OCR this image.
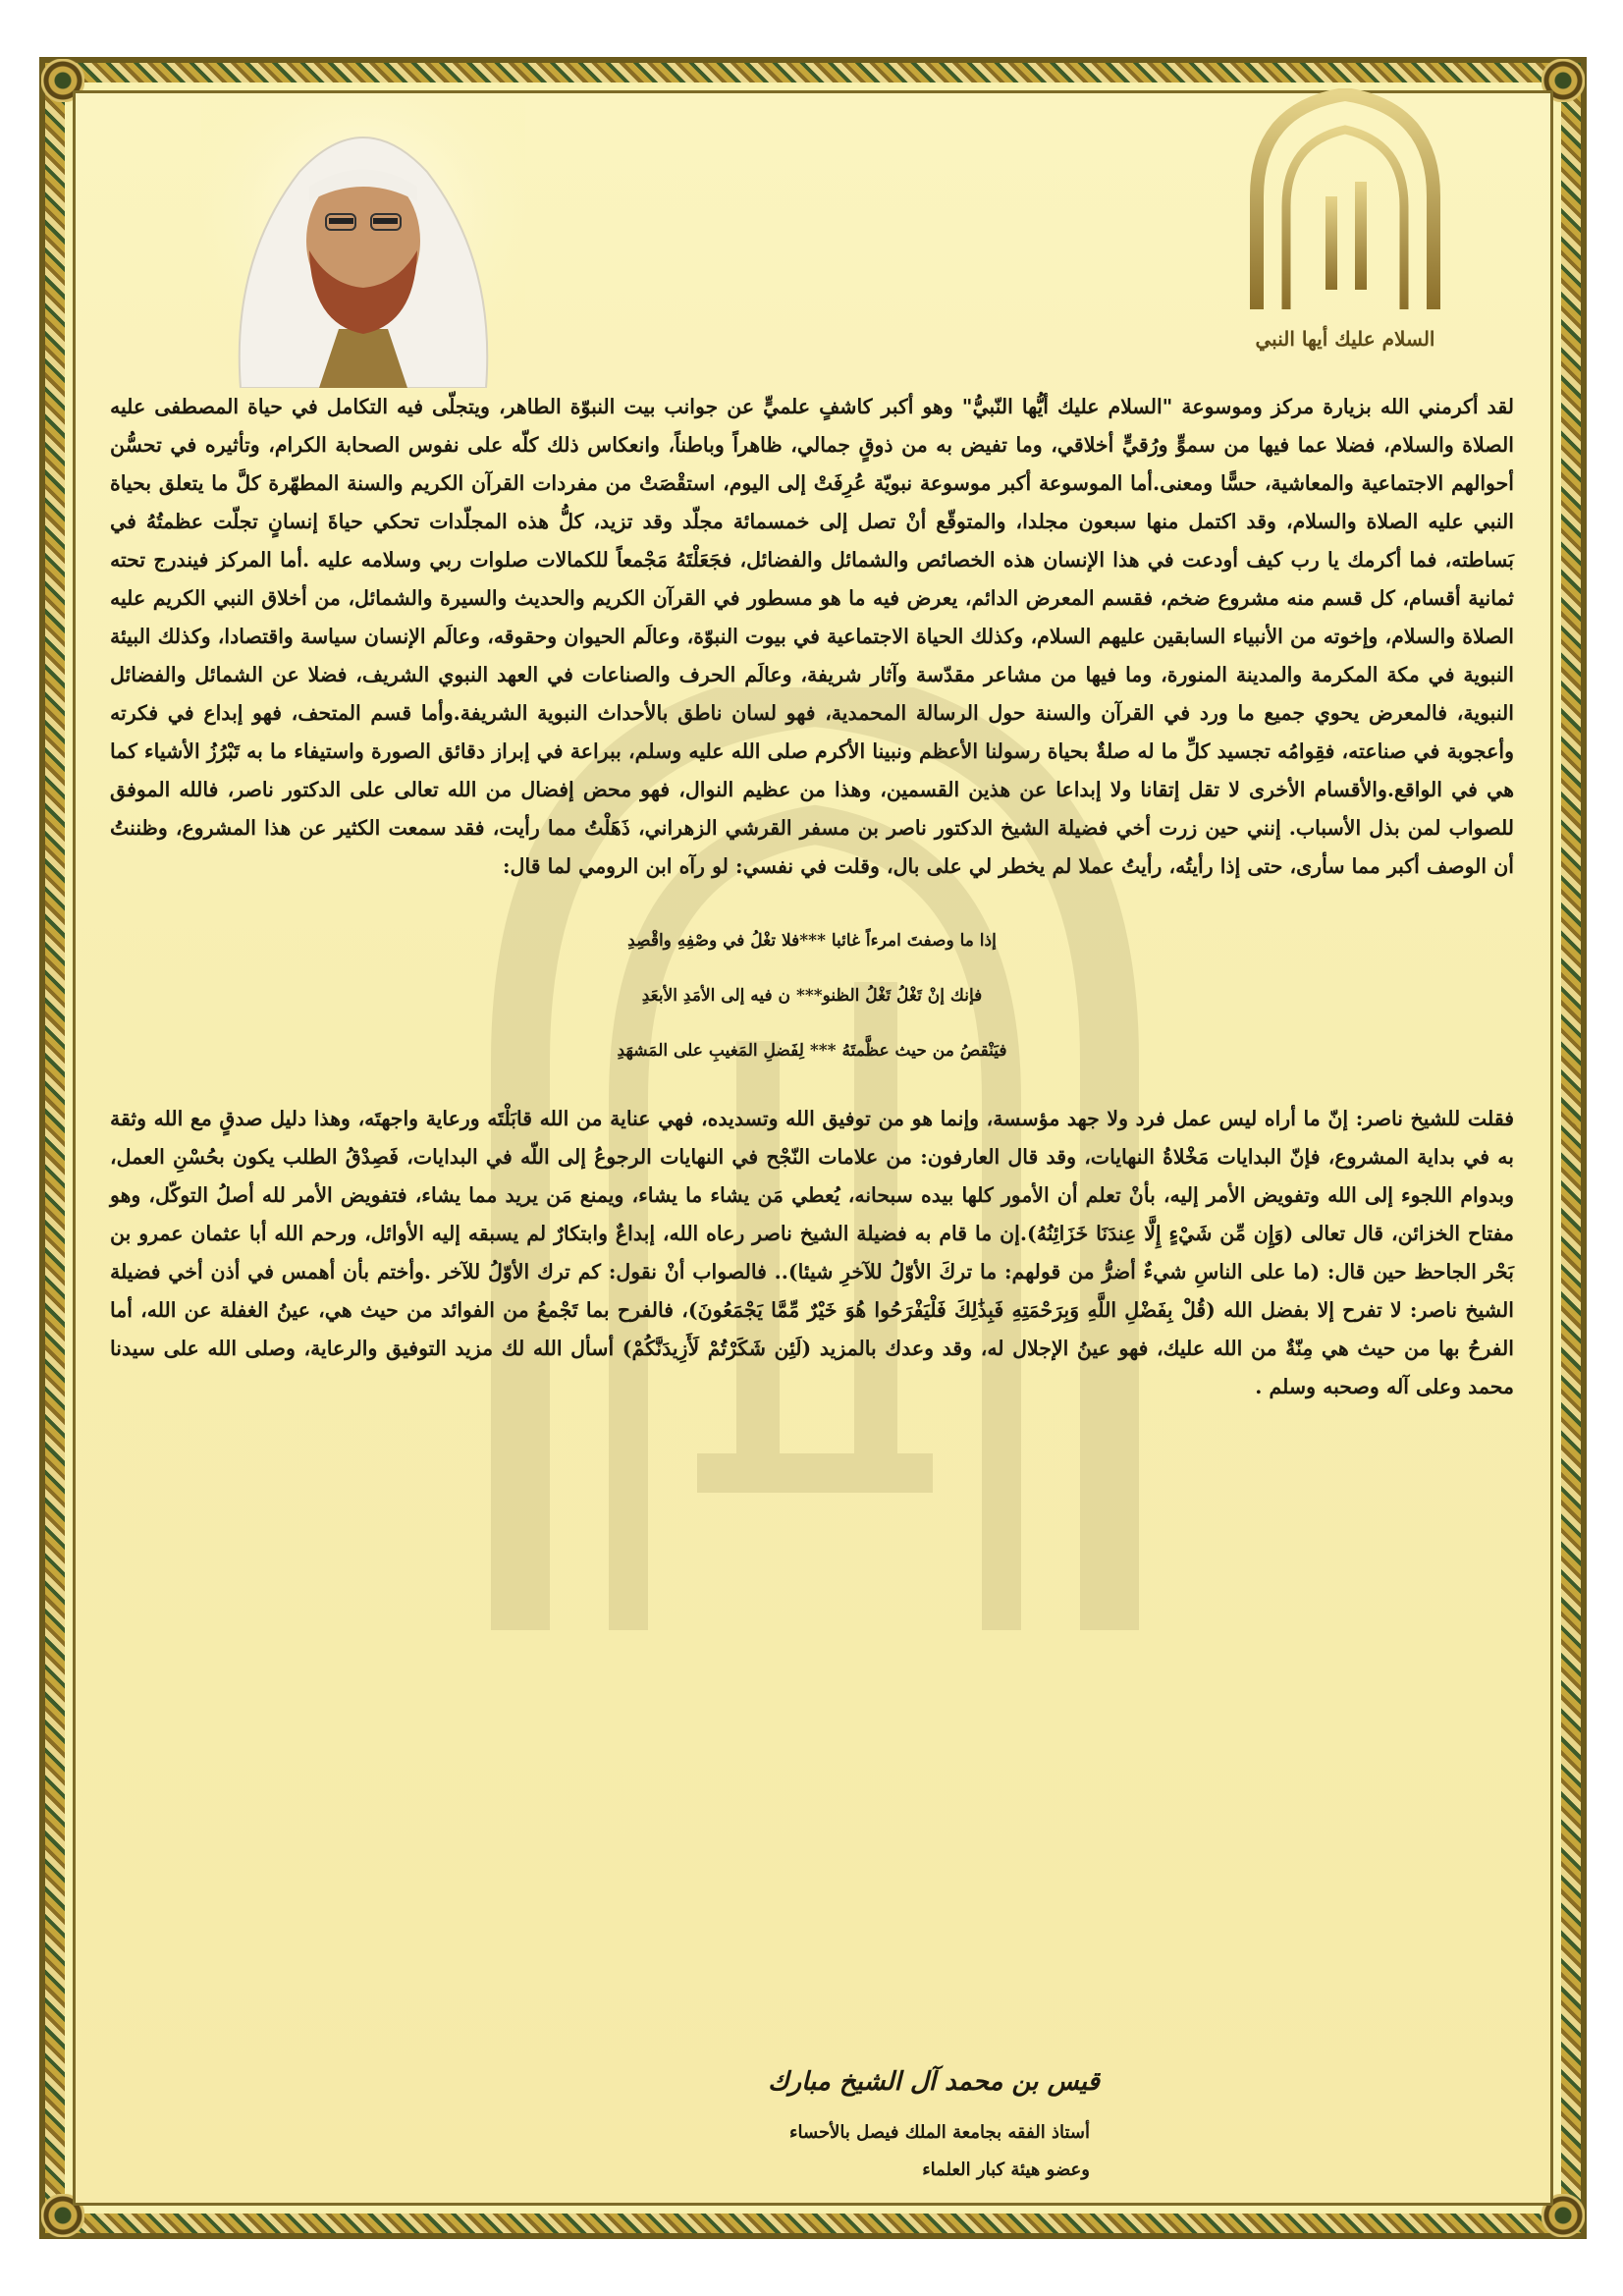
السلام عليك أيها النبي

لقد أكرمني الله بزيارة مركز وموسوعة "السلام عليك أيُّها النّبيُّ" وهو أكبر كاشفٍ علميٍّ عن جوانب بيت النبوّة الطاهر، ويتجلّى فيه التكامل في حياة المصطفى عليه الصلاة والسلام، فضلا عما فيها من سموٍّ ورُقيٍّ أخلاقي، وما تفيض به من ذوقٍ جمالي، ظاهراً وباطناً، وانعكاس ذلك كلّه على نفوس الصحابة الكرام، وتأثيره في تحسُّن أحوالهم الاجتماعية والمعاشية، حسًّا ومعنى.أما الموسوعة أكبر موسوعة نبويّة عُرِفَتْ إلى اليوم، استقْصَتْ من مفردات القرآن الكريم والسنة المطهّرة كلَّ ما يتعلق بحياة النبي عليه الصلاة والسلام، وقد اكتمل منها سبعون مجلدا، والمتوقّع أنْ تصل إلى خمسمائة مجلّد وقد تزيد، كلُّ هذه المجلّدات تحكي حياةَ إنسانٍ تجلّت عظمتُهُ في بَساطته، فما أكرمك يا رب كيف أودعت في هذا الإنسان هذه الخصائص والشمائل والفضائل، فجَعَلْتَهُ مَجْمعاً للكمالات صلوات ربي وسلامه عليه .أما المركز فيندرج تحته ثمانية أقسام، كل قسم منه مشروع ضخم، فقسم المعرض الدائم، يعرض فيه ما هو مسطور في القرآن الكريم والحديث والسيرة والشمائل، من أخلاق النبي الكريم عليه الصلاة والسلام، وإخوته من الأنبياء السابقين عليهم السلام، وكذلك الحياة الاجتماعية في بيوت النبوّة، وعالَم الحيوان وحقوقه، وعالَم الإنسان سياسة واقتصادا، وكذلك البيئة النبوية في مكة المكرمة والمدينة المنورة، وما فيها من مشاعر مقدّسة وآثار شريفة، وعالَم الحرف والصناعات في العهد النبوي الشريف، فضلا عن الشمائل والفضائل النبوية، فالمعرض يحوي جميع ما ورد في القرآن والسنة حول الرسالة المحمدية، فهو لسان ناطق بالأحداث النبوية الشريفة.وأما قسم المتحف، فهو إبداع في فكرته وأعجوبة في صناعته، فقِوامُه تجسيد كلِّ ما له صلةٌ بحياة رسولنا الأعظم ونبينا الأكرم صلى الله عليه وسلم، ببراعة في إبراز دقائق الصورة واستيفاء ما به تَبْرُزُ الأشياء كما هي في الواقع.والأقسام الأخرى لا تقل إتقانا ولا إبداعا عن هذين القسمين، وهذا من عظيم النوال، فهو محض إفضال من الله تعالى على الدكتور ناصر، فالله الموفق للصواب لمن بذل الأسباب. إنني حين زرت أخي فضيلة الشيخ الدكتور ناصر بن مسفر القرشي الزهراني، ذَهَلْتُ مما رأيت، فقد سمعت الكثير عن هذا المشروع، وظننتُ أن الوصف أكبر مما سأرى، حتى إذا رأيتُه، رأيتُ عملا لم يخطر لي على بال، وقلت في نفسي: لو رآه ابن الرومي لما قال:

إذا ما وصفتَ امرءاً غائبا ***فلا تغْلُ في وصْفِهِ واقْصِدِ
فإنك إنْ تَغْلُ تَغْلُ الظنو*** ن فيه إلى الأمَدِ الأبعَدِ
فيَنْقصُ من حيث عظَّمتَهُ *** لِفَضلِ المَغيبِ على المَشهَدِ

فقلت للشيخ ناصر: إنّ ما أراه ليس عمل فرد ولا جهد مؤسسة، وإنما هو من توفيق الله وتسديده، فهي عناية من الله قابَلْتَه ورعاية واجهتَه، وهذا دليل صدقٍ مع الله وثقة به في بداية المشروع، فإنّ البدايات مَخْلاةُ النهايات، وقد قال العارفون: من علامات النّجْح في النهايات الرجوعُ إلى اللّه في البدايات، فَصِدْقُ الطلب يكون بحُسْنِ العمل، وبدوام اللجوء إلى الله وتفويض الأمر إليه، بأنْ تعلم أن الأمور كلها بيده سبحانه، يُعطي مَن يشاء ما يشاء، ويمنع مَن يريد مما يشاء، فتفويض الأمر لله أصلُ التوكّل، وهو مفتاح الخزائن، قال تعالى (وَإِن مِّن شَيْءٍ إِلَّا عِندَنَا خَزَائِنُهُ).إن ما قام به فضيلة الشيخ ناصر رعاه الله، إبداعٌ وابتكارٌ لم يسبقه إليه الأوائل، ورحم الله أبا عثمان عمرو بن بَحْر الجاحظ حين قال: (ما على الناسِ شيءٌ أضرُّ من قولهم: ما تركَ الأوّلُ للآخرِ شيئا).. فالصواب أنْ نقول: كم ترك الأوّلُ للآخر .وأختم بأن أهمس في أذن أخي فضيلة الشيخ ناصر: لا تفرح إلا بفضل الله (قُلْ بِفَضْلِ اللَّهِ وَبِرَحْمَتِهِ فَبِذَٰلِكَ فَلْيَفْرَحُوا هُوَ خَيْرٌ مِّمَّا يَجْمَعُونَ)، فالفرح بما تَجْمعُ من الفوائد من حيث هي، عينُ الغفلة عن الله، أما الفرحُ بها من حيث هي مِنّةٌ من الله عليك، فهو عينُ الإجلال له، وقد وعدك بالمزيد (لَئِن شَكَرْتُمْ لَأَزِيدَنَّكُمْ) أسأل الله لك مزيد التوفيق والرعاية، وصلى الله على سيدنا محمد وعلى آله وصحبه وسلم .

قيس بن محمد آل الشيخ مبارك
أستاذ الفقه بجامعة الملك فيصل بالأحساء
وعضو هيئة كبار العلماء
